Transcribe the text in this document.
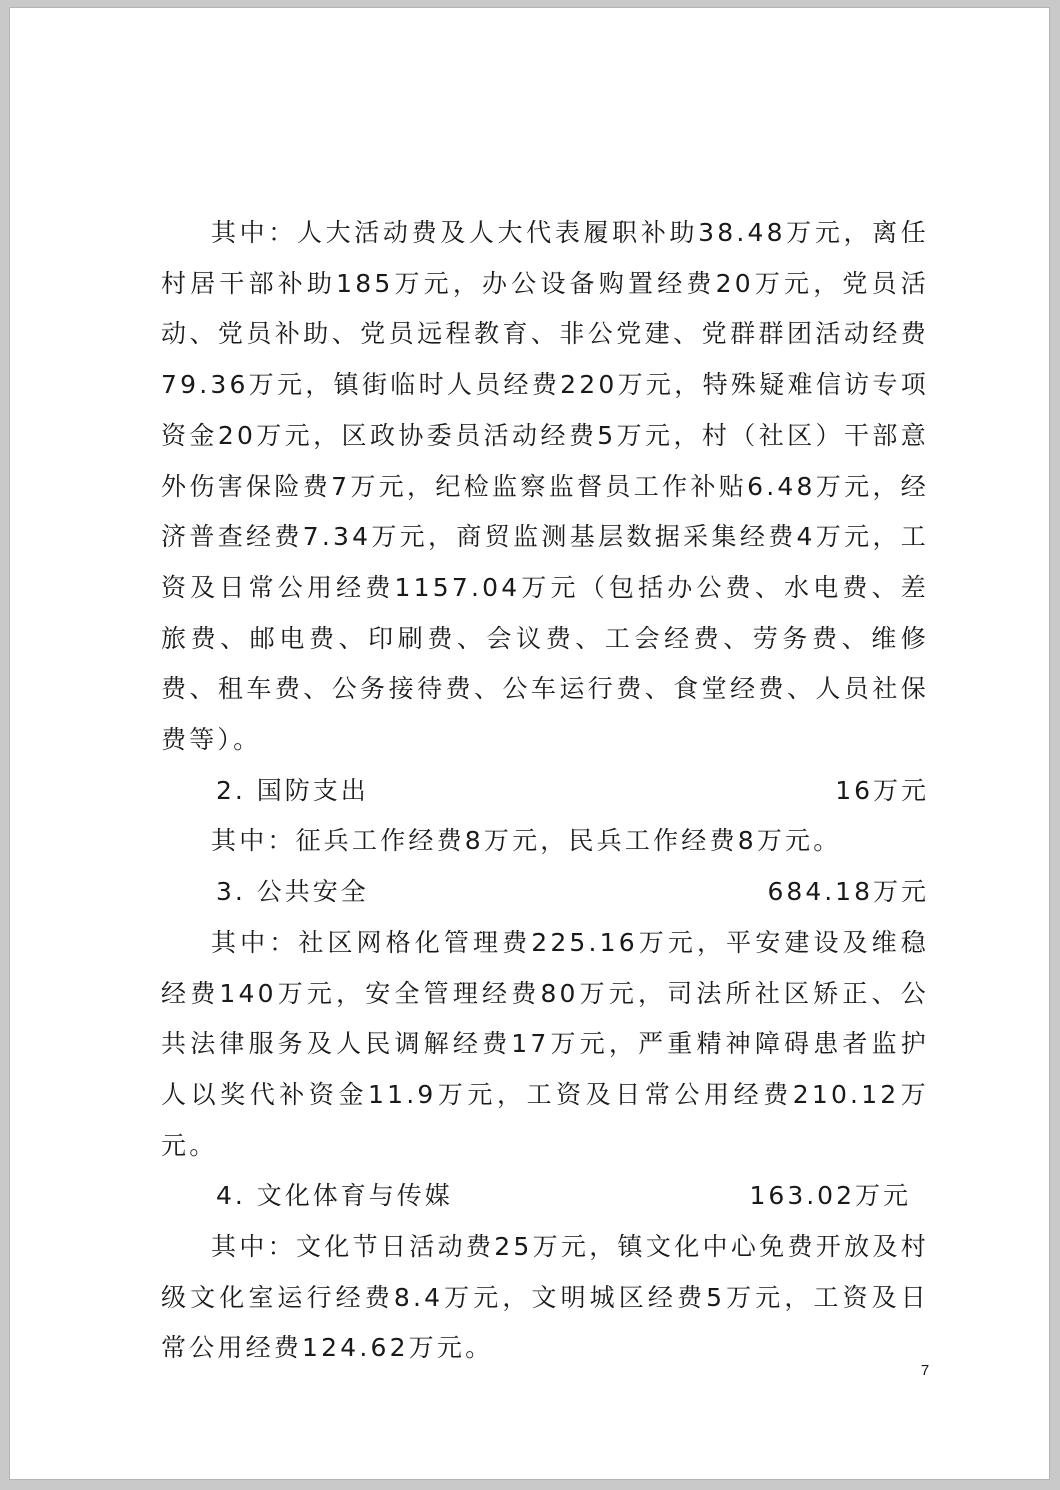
其中：人大活动费及人大代表履职补助38.48万元，离任村居干部补助185万元，办公设备购置经费20万元，党员活动、党员补助、党员远程教育、非公党建、党群群团活动经费79.36万元，镇街临时人员经费220万元，特殊疑难信访专项资金20万元，区政协委员活动经费5万元，村（社区）干部意外伤害保险费7万元，纪检监察监督员工作补贴6.48万元，经济普查经费7.34万元，商贸监测基层数据采集经费4万元，工资及日常公用经费1157.04万元（包括办公费、水电费、差旅费、邮电费、印刷费、会议费、工会经费、劳务费、维修费、租车费、公务接待费、公车运行费、食堂经费、人员社保费等）。

2. 国防支出	16万元

其中：征兵工作经费8万元，民兵工作经费8万元。

3. 公共安全	684.18万元

其中：社区网格化管理费225.16万元，平安建设及维稳经费140万元，安全管理经费80万元，司法所社区矫正、公共法律服务及人民调解经费17万元，严重精神障碍患者监护人以奖代补资金11.9万元，工资及日常公用经费210.12万元。

4. 文化体育与传媒	163.02万元

其中：文化节日活动费25万元，镇文化中心免费开放及村级文化室运行经费8.4万元，文明城区经费5万元，工资及日常公用经费124.62万元。

7
